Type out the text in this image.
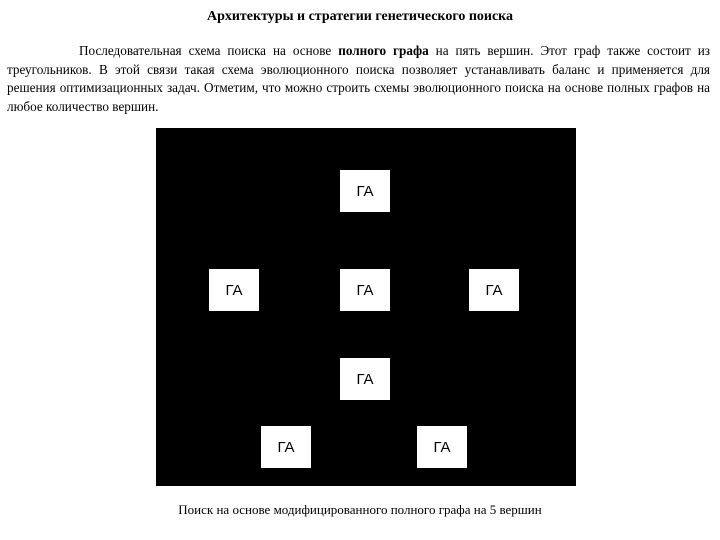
Архитектуры и стратегии генетического поиска

Последовательная схема поиска на основе полного графа на пять вершин. Этот граф также состоит из треугольников. В этой связи такая схема эволюционного поиска позволяет устанавливать баланс и применяется для решения оптимизационных задач. Отметим, что можно строить схемы эволюционного поиска на основе полных графов на любое количество вершин.

ГА
ГА	ГА	ГА
ГА
ГА	ГА
Поиск на основе модифицированного полного графа на 5 вершин
